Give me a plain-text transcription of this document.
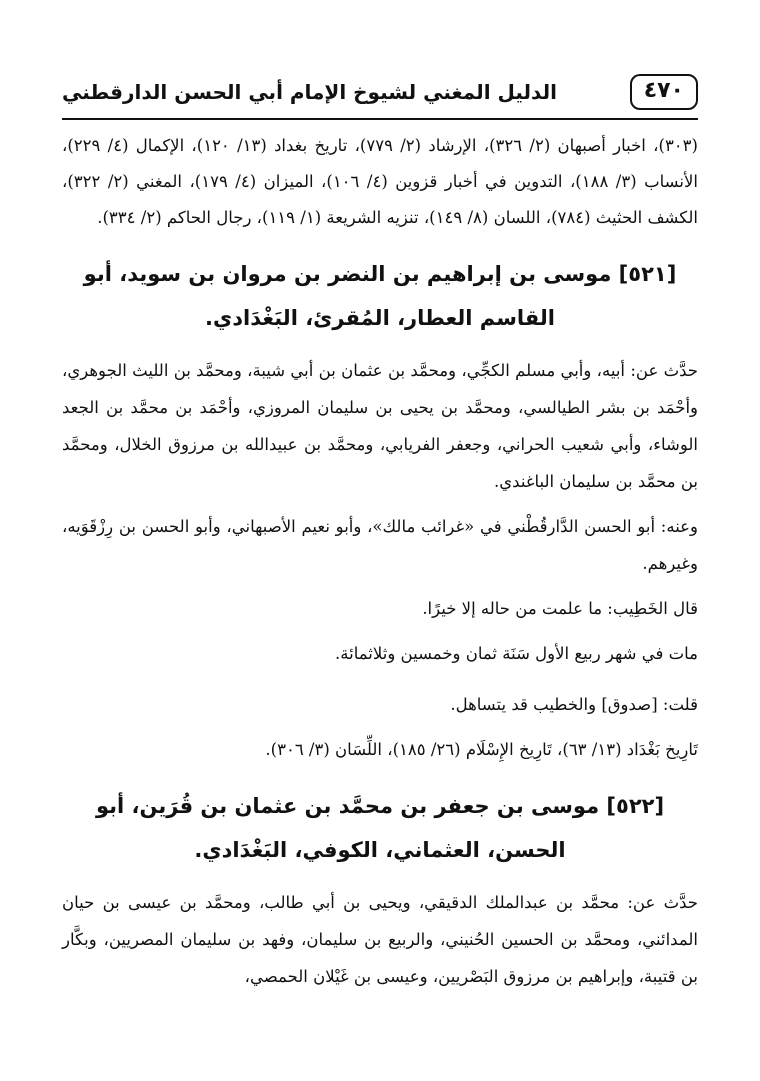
٤٧٠
الدليل المغني لشيوخ الإمام أبي الحسن الدارقطني

(٣٠٣)، اخبار أصبهان (٢/ ٣٢٦)، الإرشاد (٢/ ٧٧٩)، تاريخ بغداد (١٣/ ١٢٠)، الإكمال (٤/ ٢٢٩)، الأنساب (٣/ ١٨٨)، التدوين في أخبار قزوين (٤/ ١٠٦)، الميزان (٤/ ١٧٩)، المغني (٢/ ٣٢٢)، الكشف الحثيث (٧٨٤)، اللسان (٨/ ١٤٩)، تنزيه الشريعة (١/ ١١٩)، رجال الحاكم (٢/ ٣٣٤).

[٥٢١] موسى بن إبراهيم بن النضر بن مروان بن سويد، أبو القاسم العطار، المُقرئ، البَغْدَادي.

حدَّث عن: أبيه، وأبي مسلم الكجِّي، ومحمَّد بن عثمان بن أبي شيبة، ومحمَّد بن الليث الجوهري، وأحْمَد بن بشر الطيالسي، ومحمَّد بن يحيى بن سليمان المروزي، وأحْمَد بن محمَّد بن الجعد الوشاء، وأبي شعيب الحراني، وجعفر الفريابي، ومحمَّد بن عبيدالله بن مرزوق الخلال، ومحمَّد بن محمَّد بن سليمان الباغندي.

وعنه: أبو الحسن الدَّارقُطْني في «غرائب مالك»، وأبو نعيم الأصبهاني، وأبو الحسن بن رِزْقَوَيه، وغيرهم.

قال الخَطِيب: ما علمت من حاله إلا خيرًا.

مات في شهر ربيع الأول سَنَة ثمان وخمسين وثلاثمائة.

قلت: [صدوق] والخطيب قد يتساهل.

تَارِيخ بَغْدَاد (١٣/ ٦٣)، تَارِيخ الإِسْلَام (٢٦/ ١٨٥)، اللِّسَان (٣/ ٣٠٦).

[٥٢٢] موسى بن جعفر بن محمَّد بن عثمان بن قُرَين، أبو الحسن، العثماني، الكوفي، البَغْدَادي.

حدَّث عن: محمَّد بن عبدالملك الدقيقي، ويحيى بن أبي طالب، ومحمَّد بن عيسى بن حيان المدائني، ومحمَّد بن الحسين الحُنيني، والربيع بن سليمان، وفهد بن سليمان المصريين، وبكَّار بن قتيبة، وإبراهيم بن مرزوق البَصْريين، وعيسى بن غَيْلان الحمصي،
